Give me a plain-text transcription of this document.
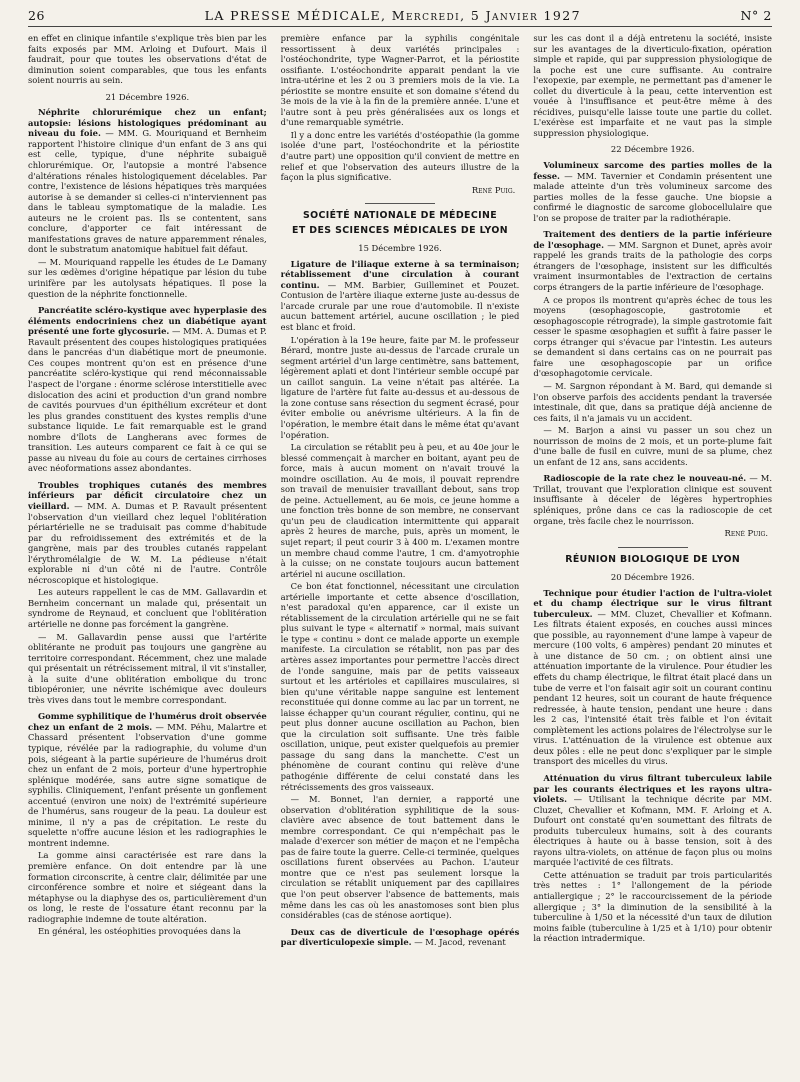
26	LA PRESSE MÉDICALE, Mercredi, 5 Janvier 1927	N° 2

en effet en clinique infantile s'explique très bien par les faits exposés par MM. Arloing et Dufourt. Mais il faudrait, pour que toutes les observations d'état de diminution soient comparables, que tous les enfants soient nourris au sein.

21 Décembre 1926.

Néphrite chlorurémique chez un enfant; autopsie: lésions histologiques prédominant au niveau du foie. — MM. G. Mouriquand et Bernheim rapportent l'histoire clinique d'un enfant de 3 ans qui est celle, typique, d'une néphrite subaiguë chlorurémique. Or, l'autopsie a montré l'absence d'altérations rénales histologiquement décelables. Par contre, l'existence de lésions hépatiques très marquées autorise à se demander si celles-ci n'interviennent pas dans le tableau symptomatique de la maladie. Les auteurs ne le croient pas. Ils se contentent, sans conclure, d'apporter ce fait intéressant de manifestations graves de nature apparemment rénales, dont le substratum anatomique habituel fait défaut.

— M. Mouriquand rappelle les études de Le Damany sur les œdèmes d'origine hépatique par lésion du tube urinifère par les autolysats hépatiques. Il pose la question de la néphrite fonctionnelle.

Pancréatite scléro-kystique avec hyperplasie des éléments endocriniens chez un diabétique ayant présenté une forte glycosurie. — MM. A. Dumas et P. Ravault présentent des coupes histologiques pratiquées dans le pancréas d'un diabétique mort de pneumonie. Ces coupes montrent qu'on est en présence d'une pancréatite scléro-kystique qui rend méconnaissable l'aspect de l'organe : énorme sclérose interstitielle avec dislocation des acini et production d'un grand nombre de cavités pourvues d'un épithélium excréteur et dont les plus grandes constituent des kystes remplis d'une substance liquide. Le fait remarquable est le grand nombre d'îlots de Langherans avec formes de transition. Les auteurs comparent ce fait à ce qui se passe au niveau du foie au cours de certaines cirrhoses avec néoformations assez abondantes.

Troubles trophiques cutanés des membres inférieurs par déficit circulatoire chez un vieillard. — MM. A. Dumas et P. Ravault présentent l'observation d'un vieillard chez lequel l'oblitération périartérielle ne se traduisait pas comme d'habitude par du refroidissement des extrémités et de la gangrène, mais par des troubles cutanés rappelant l'érythromélalgie de W. M. La pédieuse n'était explorable ni d'un côté ni de l'autre. Contrôle nécroscopique et histologique.

Les auteurs rappellent le cas de MM. Gallavardin et Bernheim concernant un malade qui, présentait un syndrome de Reynaud, et concluent que l'oblitération artérielle ne donne pas forcément la gangrène.

— M. Gallavardin pense aussi que l'artérite oblitérante ne produit pas toujours une gangrène au territoire correspondant. Récemment, chez une malade qui présentait un rétrécissement mitral, il vit s'installer, à la suite d'une oblitération embolique du tronc tibiopéronier, une névrite ischémique avec douleurs très vives dans tout le membre correspondant.

Gomme syphilitique de l'humérus droit observée chez un enfant de 2 mois. — MM. Péhu, Malartre et Chassard présentent l'observation d'une gomme typique, révélée par la radiographie, du volume d'un pois, siégeant à la partie supérieure de l'humérus droit chez un enfant de 2 mois, porteur d'une hypertrophie splénique modérée, sans autre signe somatique de syphilis. Cliniquement, l'enfant présente un gonflement accentué (environ une noix) de l'extrémité supérieure de l'humérus, sans rougeur de la peau. La douleur est minime, il n'y a pas de crépitation. Le reste du squelette n'offre aucune lésion et les radiographies le montrent indemne.

La gomme ainsi caractérisée est rare dans la première enfance. On doit entendre par là une formation circonscrite, à centre clair, délimitée par une circonférence sombre et noire et siégeant dans la métaphyse ou la diaphyse des os, particulièrement d'un os long, le reste de l'ossature étant reconnu par la radiographie indemne de toute altération.

En général, les ostéophities provoquées dans la

première enfance par la syphilis congénitale ressortissent à deux variétés principales : l'ostéochondrite, type Wagner-Parrot, et la périostite ossifiante. L'ostéochondrite apparait pendant la vie intra-utérine et les 2 ou 3 premiers mois de la vie. La périostite se montre ensuite et son domaine s'étend du 3e mois de la vie à la fin de la première année. L'une et l'autre sont à peu près généralisées aux os longs et d'une remarquable symétrie.

Il y a donc entre les variétés d'ostéopathie (la gomme isolée d'une part, l'ostéochondrite et la périostite d'autre part) une opposition qu'il convient de mettre en relief et que l'observation des auteurs illustre de la façon la plus significative.

René Puig.

SOCIÉTÉ NATIONALE DE MÉDECINE

ET DES SCIENCES MÉDICALES DE LYON

15 Décembre 1926.

Ligature de l'iliaque externe à sa terminaison; rétablissement d'une circulation à courant continu. — MM. Barbier, Guilleminet et Pouzet. Contusion de l'artère iliaque externe juste au-dessus de l'arcade crurale par une roue d'automobile. Il n'existe aucun battement artériel, aucune oscillation ; le pied est blanc et froid.

L'opération à la 19e heure, faite par M. le professeur Bérard, montre juste au-dessus de l'arcade crurale un segment artériel d'un large centimètre, sans battement, légèrement aplati et dont l'intérieur semble occupé par un caillot sanguin. La veine n'était pas altérée. La ligature de l'artère fut faite au-dessus et au-dessous de la zone contuse sans résection du segment écrasé, pour éviter embolie ou anévrisme ultérieurs. A la fin de l'opération, le membre était dans le même état qu'avant l'opération.

La circulation se rétablit peu à peu, et au 40e jour le blessé commençait à marcher en boitant, ayant peu de force, mais à aucun moment on n'avait trouvé la moindre oscillation. Au 4e mois, il pouvait reprendre son travail de menuisier travaillant debout, sans trop de peine. Actuellement, au 6e mois, ce jeune homme a une fonction très bonne de son membre, ne conservant qu'un peu de claudication intermittente qui apparait après 2 heures de marche, puis, après un moment, le sujet repart; il peut courir 3 à 400 m. L'examen montre un membre chaud comme l'autre, 1 cm. d'amyotrophie à la cuisse; on ne constate toujours aucun battement artériel ni aucune oscillation.

Ce bon état fonctionnel, nécessitant une circulation artérielle importante et cette absence d'oscillation, n'est paradoxal qu'en apparence, car il existe un rétablissement de la circulation artérielle qui ne se fait plus suivant le type « alternatif » normal, mais suivant le type « continu » dont ce malade apporte un exemple manifeste. La circulation se rétablit, non pas par des artères assez importantes pour permettre l'accès direct de l'onde sanguine, mais par de petits vaisseaux surtout et les artérioles et capillaires musculaires, si bien qu'une véritable nappe sanguine est lentement reconstituée qui donne comme au lac par un torrent, ne laisse échapper qu'un courant régulier, continu, qui ne peut plus donner aucune oscillation au Pachon, bien que la circulation soit suffisante. Une très faible oscillation, unique, peut exister quelquefois au premier passage du sang dans la manchette. C'est un phénomène de courant continu qui relève d'une pathogénie différente de celui constaté dans les rétrécissements des gros vaisseaux.

— M. Bonnet, l'an dernier, a rapporté une observation d'oblitération syphilitique de la sous-clavière avec absence de tout battement dans le membre correspondant. Ce qui n'empêchait pas le malade d'exercer son métier de maçon et ne l'empêcha pas de faire toute la guerre. Celle-ci terminée, quelques oscillations furent observées au Pachon. L'auteur montre que ce n'est pas seulement lorsque la circulation se rétablit uniquement par des capillaires que l'on peut observer l'absence de battements, mais même dans les cas où les anastomoses sont bien plus considérables (cas de sténose aortique).

Deux cas de diverticule de l'œsophage opérés par diverticulopexie simple. — M. Jacod, revenant

sur les cas dont il a déjà entretenu la société, insiste sur les avantages de la diverticulo-fixation, opération simple et rapide, qui par suppression physiologique de la poche est une cure suffisante. Au contraire l'exopexie, par exemple, ne permettant pas d'amener le collet du diverticule à la peau, cette intervention est vouée à l'insuffisance et peut-être même à des récidives, puisqu'elle laisse toute une partie du collet. L'exérèse est imparfaite et ne vaut pas la simple suppression physiologique.

22 Décembre 1926.

Volumineux sarcome des parties molles de la fesse. — MM. Tavernier et Condamin présentent une malade atteinte d'un très volumineux sarcome des parties molles de la fesse gauche. Une biopsie a confirmé le diagnostic de sarcome globocellulaire que l'on se propose de traiter par la radiothérapie.

Traitement des dentiers de la partie inférieure de l'œsophage. — MM. Sargnon et Dunet, après avoir rappelé les grands traits de la pathologie des corps étrangers de l'œsophage, insistent sur les difficultés vraiment insurmontables de l'extraction de certains corps étrangers de la partie inférieure de l'œsophage.

A ce propos ils montrent qu'après échec de tous les moyens (œsophagoscopie, gastrotomie et œsophagoscopie rétrograde), la simple gastrotomie fait cesser le spasme œsophagien et suffit à faire passer le corps étranger qui s'évacue par l'intestin. Les auteurs se demandent si dans certains cas on ne pourrait pas faire une œsophagoscopie par un orifice d'œsophagotomie cervicale.

— M. Sargnon répondant à M. Bard, qui demande si l'on observe parfois des accidents pendant la traversée intestinale, dit que, dans sa pratique déjà ancienne de ces faits, il n'a jamais vu un accident.

— M. Barjon a ainsi vu passer un sou chez un nourrisson de moins de 2 mois, et un porte-plume fait d'une balle de fusil en cuivre, muni de sa plume, chez un enfant de 12 ans, sans accidents.

Radioscopie de la rate chez le nouveau-né. — M. Trillat, trouvant que l'exploration clinique est souvent insuffisante à déceler de légères hypertrophies spléniques, prône dans ce cas la radioscopie de cet organe, très facile chez le nourrisson.

René Puig.

RÉUNION BIOLOGIQUE DE LYON

20 Décembre 1926.

Technique pour étudier l'action de l'ultra-violet et du champ électrique sur le virus filtrant tuberculeux. — MM. Cluzet, Chevallier et Kofmann. Les filtrats étaient exposés, en couches aussi minces que possible, au rayonnement d'une lampe à vapeur de mercure (100 volts, 6 ampères) pendant 20 minutes et à une distance de 50 cm. ; on obtient ainsi une atténuation importante de la virulence. Pour étudier les effets du champ électrique, le filtrat était placé dans un tube de verre et l'on faisait agir soit un courant continu pendant 12 heures, soit un courant de haute fréquence redressée, à haute tension, pendant une heure : dans les 2 cas, l'intensité était très faible et l'on évitait complètement les actions polaires de l'électrolyse sur le virus. L'atténuation de la virulence est obtenue aux deux pôles : elle ne peut donc s'expliquer par le simple transport des micelles du virus.

Atténuation du virus filtrant tuberculeux labile par les courants électriques et les rayons ultra-violets. — Utilisant la technique décrite par MM. Cluzet, Chevallier et Kofmann, MM. F. Arloing et A. Dufourt ont constaté qu'en soumettant des filtrats de produits tuberculeux humains, soit à des courants électriques à haute ou à basse tension, soit à des rayons ultra-violets, on atténue de façon plus ou moins marquée l'activité de ces filtrats.

Cette atténuation se traduit par trois particularités très nettes : 1° l'allongement de la période antiallergique ; 2° le raccourcissement de la période allergique ; 3° la diminution de la sensibilité à la tuberculine à 1/50 et la nécessité d'un taux de dilution moins faible (tuberculine à 1/25 et à 1/10) pour obtenir la réaction intradermique.
